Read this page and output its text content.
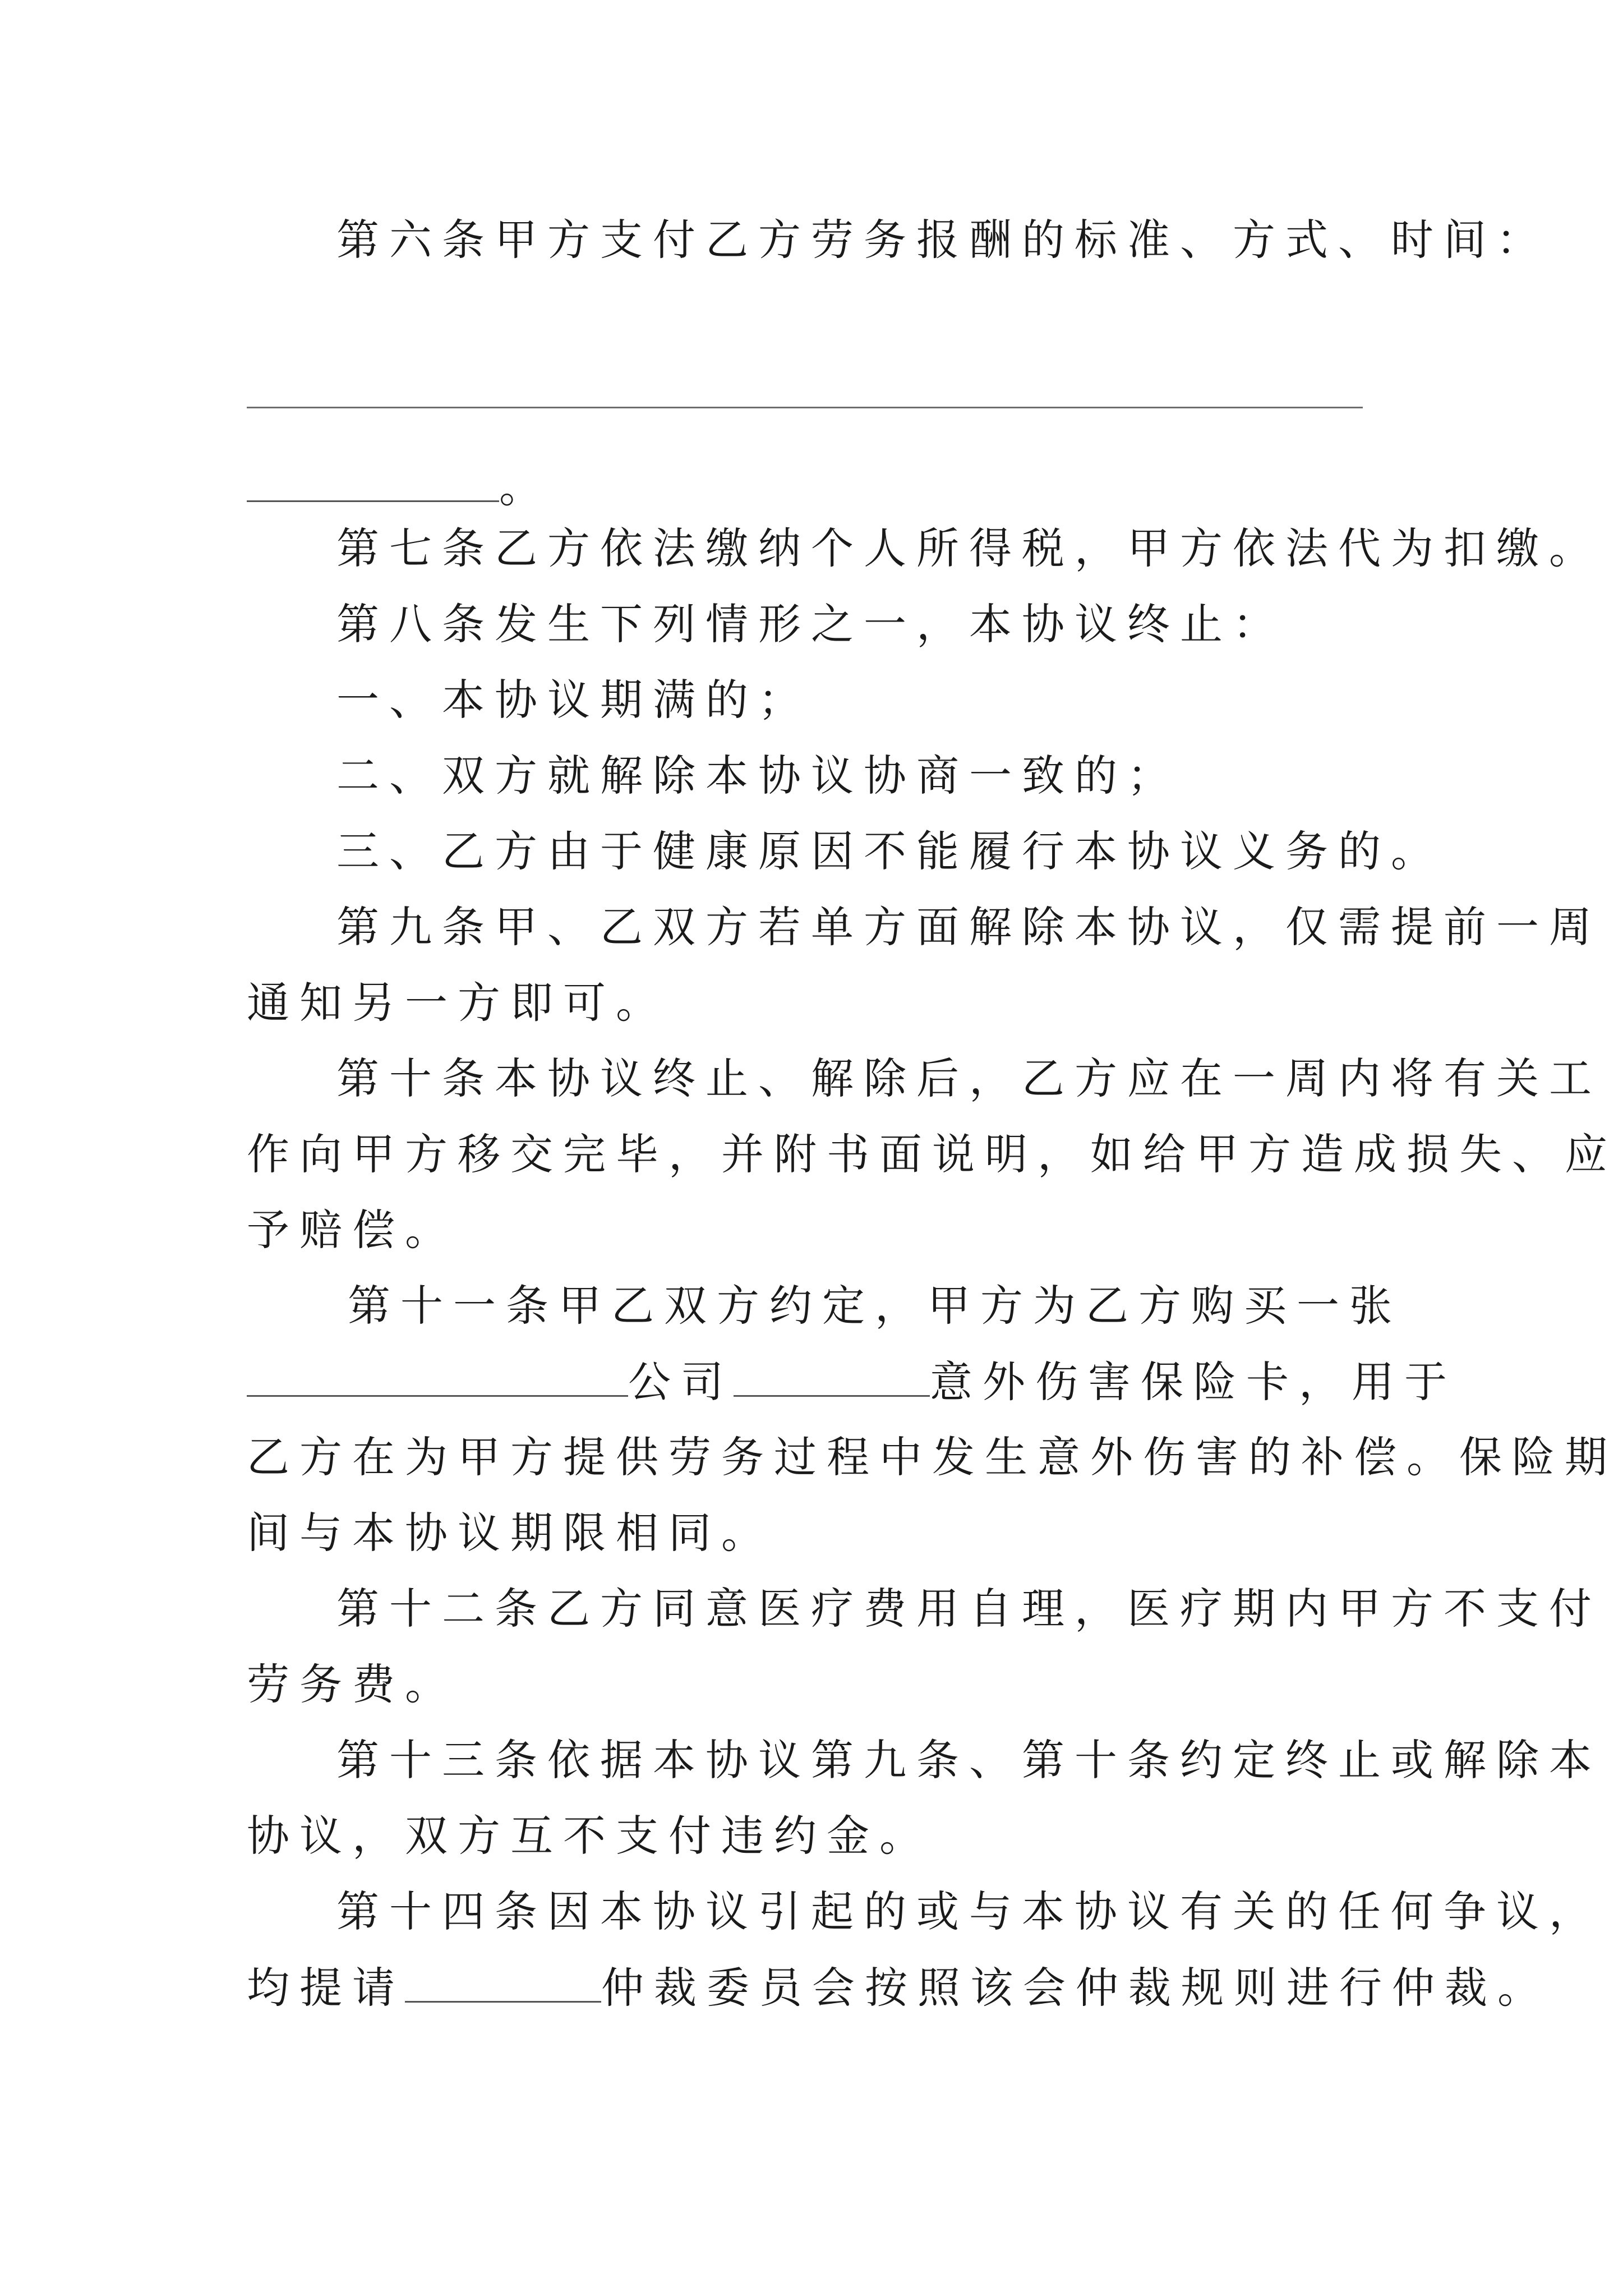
第六条甲方支付乙方劳务报酬的标准、方式、时间：
。
第七条乙方依法缴纳个人所得税，甲方依法代为扣缴。
第八条发生下列情形之一，本协议终止：
一、本协议期满的；
二、双方就解除本协议协商一致的；
三、乙方由于健康原因不能履行本协议义务的。
第九条甲、乙双方若单方面解除本协议，仅需提前一周
通知另一方即可。
第十条本协议终止、解除后，乙方应在一周内将有关工
作向甲方移交完毕，并附书面说明，如给甲方造成损失、应
予赔偿。
第 十 一 条 甲 乙 双 方 约 定 ， 甲 方 为 乙 方 购 买 一 张
公司	意外伤害保险卡，用于
乙方在为甲方提供劳务过程中发生意外伤害的补偿。保险期
间与本协议期限相同。
第十二条乙方同意医疗费用自理，医疗期内甲方不支付
劳务费。
第十三条依据本协议第九条、第十条约定终止或解除本
协议，双方互不支付违约金。
第十四条因本协议引起的或与本协议有关的任何争议，
均提请	仲裁委员会按照该会仲裁规则进行仲裁。
